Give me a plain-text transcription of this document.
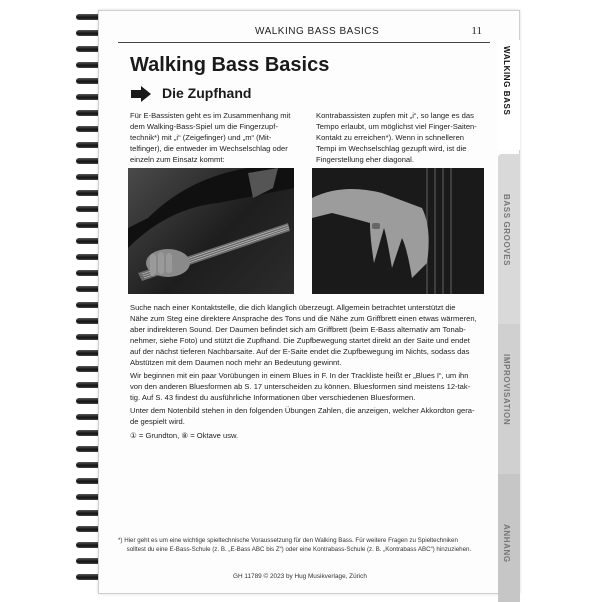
WALKING BASS BASICS	11
Walking Bass Basics
Die Zupfhand
Für E-Bassisten geht es im Zusammenhang mit
dem Walking-Bass-Spiel um die Fingerzupf-
technik*) mit „i“ (Zeigefinger) und „m“ (Mit-
telfinger), die entweder im Wechselschlag oder
einzeln zum Einsatz kommt:
Kontrabassisten zupfen mit „i“, so lange es das
Tempo erlaubt, um möglichst viel Finger-Saiten-
Kontakt zu erreichen*). Wenn in schnelleren
Tempi im Wechselschlag gezupft wird, ist die
Fingerstellung eher diagonal.
Suche nach einer Kontaktstelle, die dich klanglich überzeugt. Allgemein betrachtet unterstützt die
Nähe zum Steg eine direktere Ansprache des Tons und die Nähe zum Griffbrett einen etwas wärmeren,
aber indirekteren Sound. Der Daumen befindet sich am Griffbrett (beim E-Bass alternativ am Tonab-
nehmer, siehe Foto) und stützt die Zupfhand. Die Zupfbewegung startet direkt an der Saite und endet
auf der nächst tieferen Nachbarsaite. Auf der E-Saite endet die Zupfbewegung im Nichts, sodass das
Abstützen mit dem Daumen noch mehr an Bedeutung gewinnt.
Wir beginnen mit ein paar Vorübungen in einem Blues in F. In der Trackliste heißt er „Blues I“, um ihn
von den anderen Bluesformen ab S. 17 unterscheiden zu können. Bluesformen sind meistens 12-tak-
tig. Auf S. 43 findest du ausführliche Informationen über verschiedenen Bluesformen.
Unter dem Notenbild stehen in den folgenden Übungen Zahlen, die anzeigen, welcher Akkordton gera-
de gespielt wird.
① = Grundton, ⑧ = Oktave usw.
*) Hier geht es um eine wichtige spieltechnische Voraussetzung für den Walking Bass. Für weitere Fragen zu Spieltechniken
solltest du eine E-Bass-Schule (z. B. „E-Bass ABC bis Z“) oder eine Kontrabass-Schule (z. B. „Kontrabass ABC“) hinzuziehen.
GH 11789 © 2023 by Hug Musikverlage, Zürich
WALKING BASS
BASS GROOVES
IMPROVISATION
ANHANG
